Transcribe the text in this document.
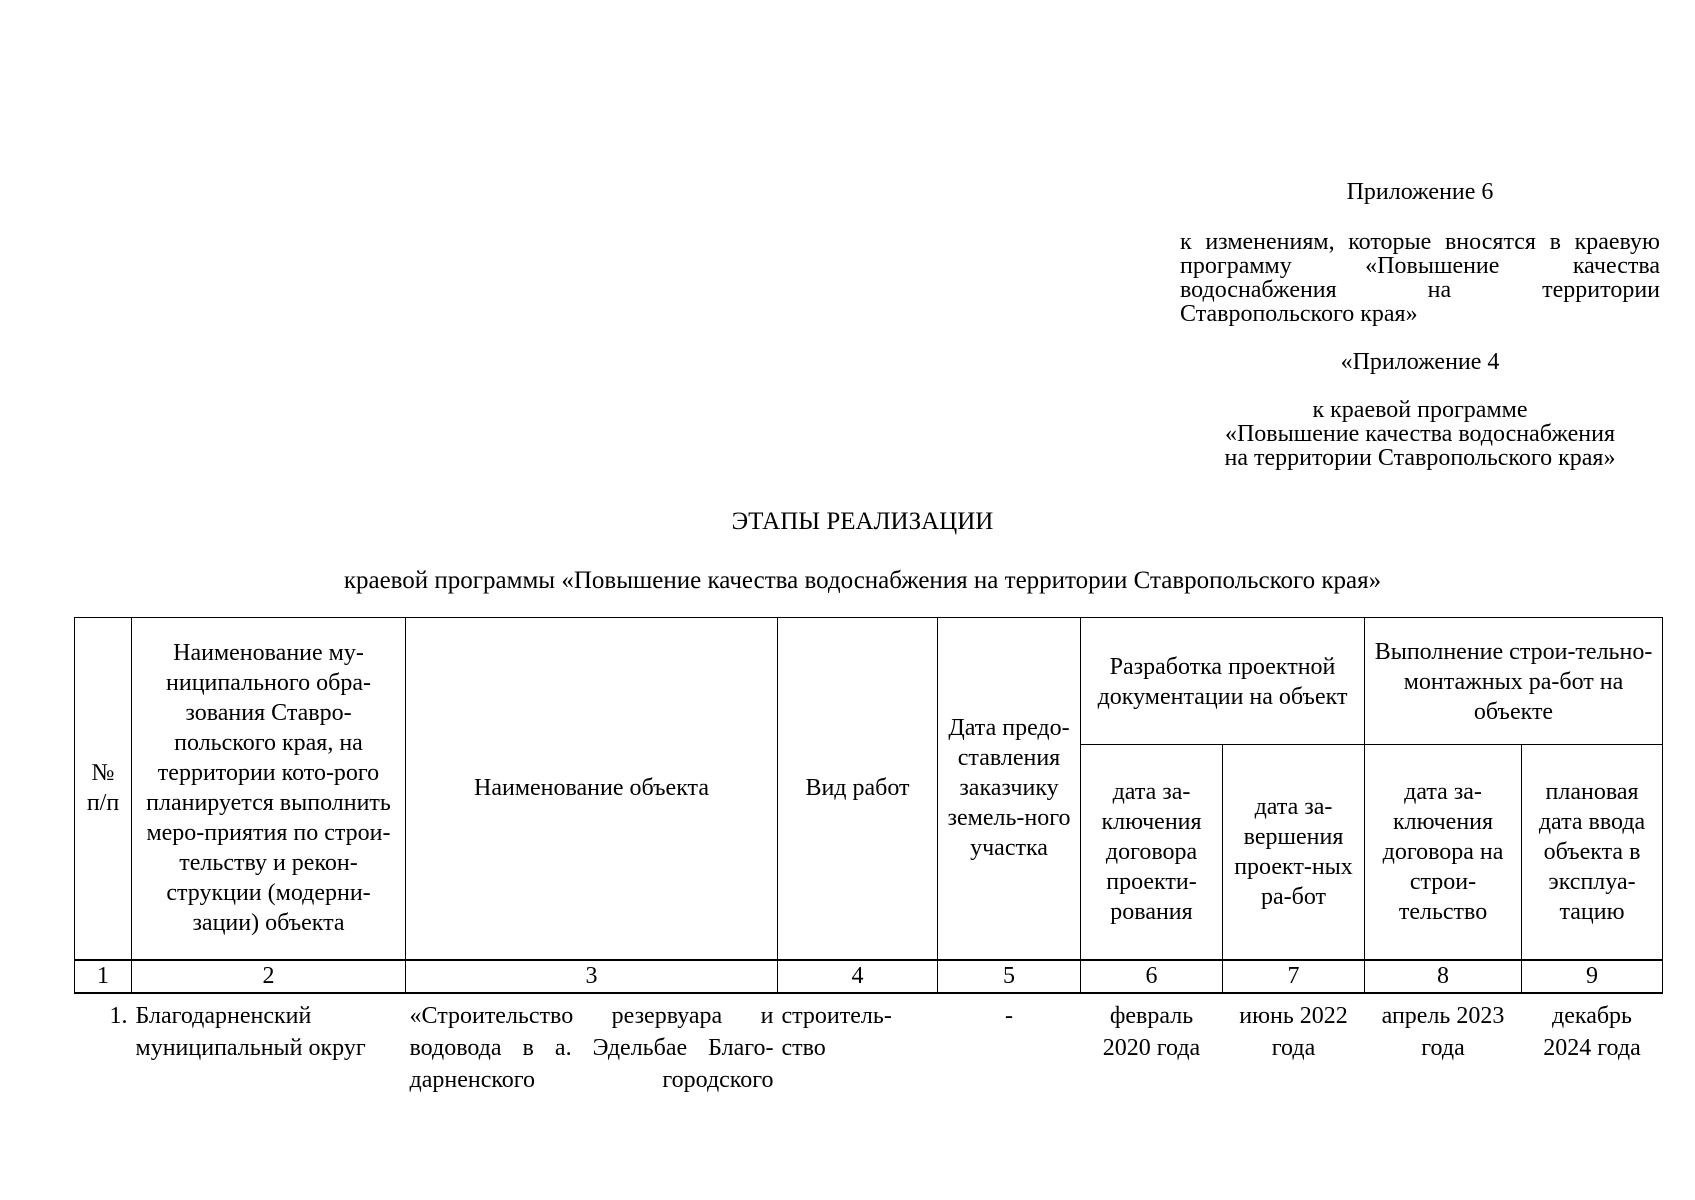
Приложение 6
к изменениям, которые вносятся в краевую программу «Повышение качества водоснабжения на территории Ставропольского края»
«Приложение 4
к краевой программе
«Повышение качества водоснабжения
на территории Ставропольского края»
ЭТАПЫ РЕАЛИЗАЦИИ
краевой программы «Повышение качества водоснабжения на территории Ставропольского края»
№ п/п	Наименование му-ниципального обра-зования Ставро-польского края, на территории кото-рого планируется выполнить меро-приятия по строи-тельству и рекон-струкции (модерни-зации) объекта	Наименование объекта	Вид работ	Дата предо-ставления заказчику земель-ного участка	Разработка проектной документации на объект		Выполнение строи-тельно-монтажных ра-бот на объекте	
					дата за-ключения договора проекти-рования	дата за-вершения проект-ных ра-бот	дата за-ключения договора на строи-тельство	плановая дата ввода объекта в эксплуа-тацию
1	2	3	4	5	6	7	8	9
1.	Благодарненский муниципальный округ	«Строительство резервуара и водовода в а. Эдельбае Благо-дарненского городского	строитель-ство	-	февраль 2020 года	июнь 2022 года	апрель 2023 года	декабрь 2024 года
